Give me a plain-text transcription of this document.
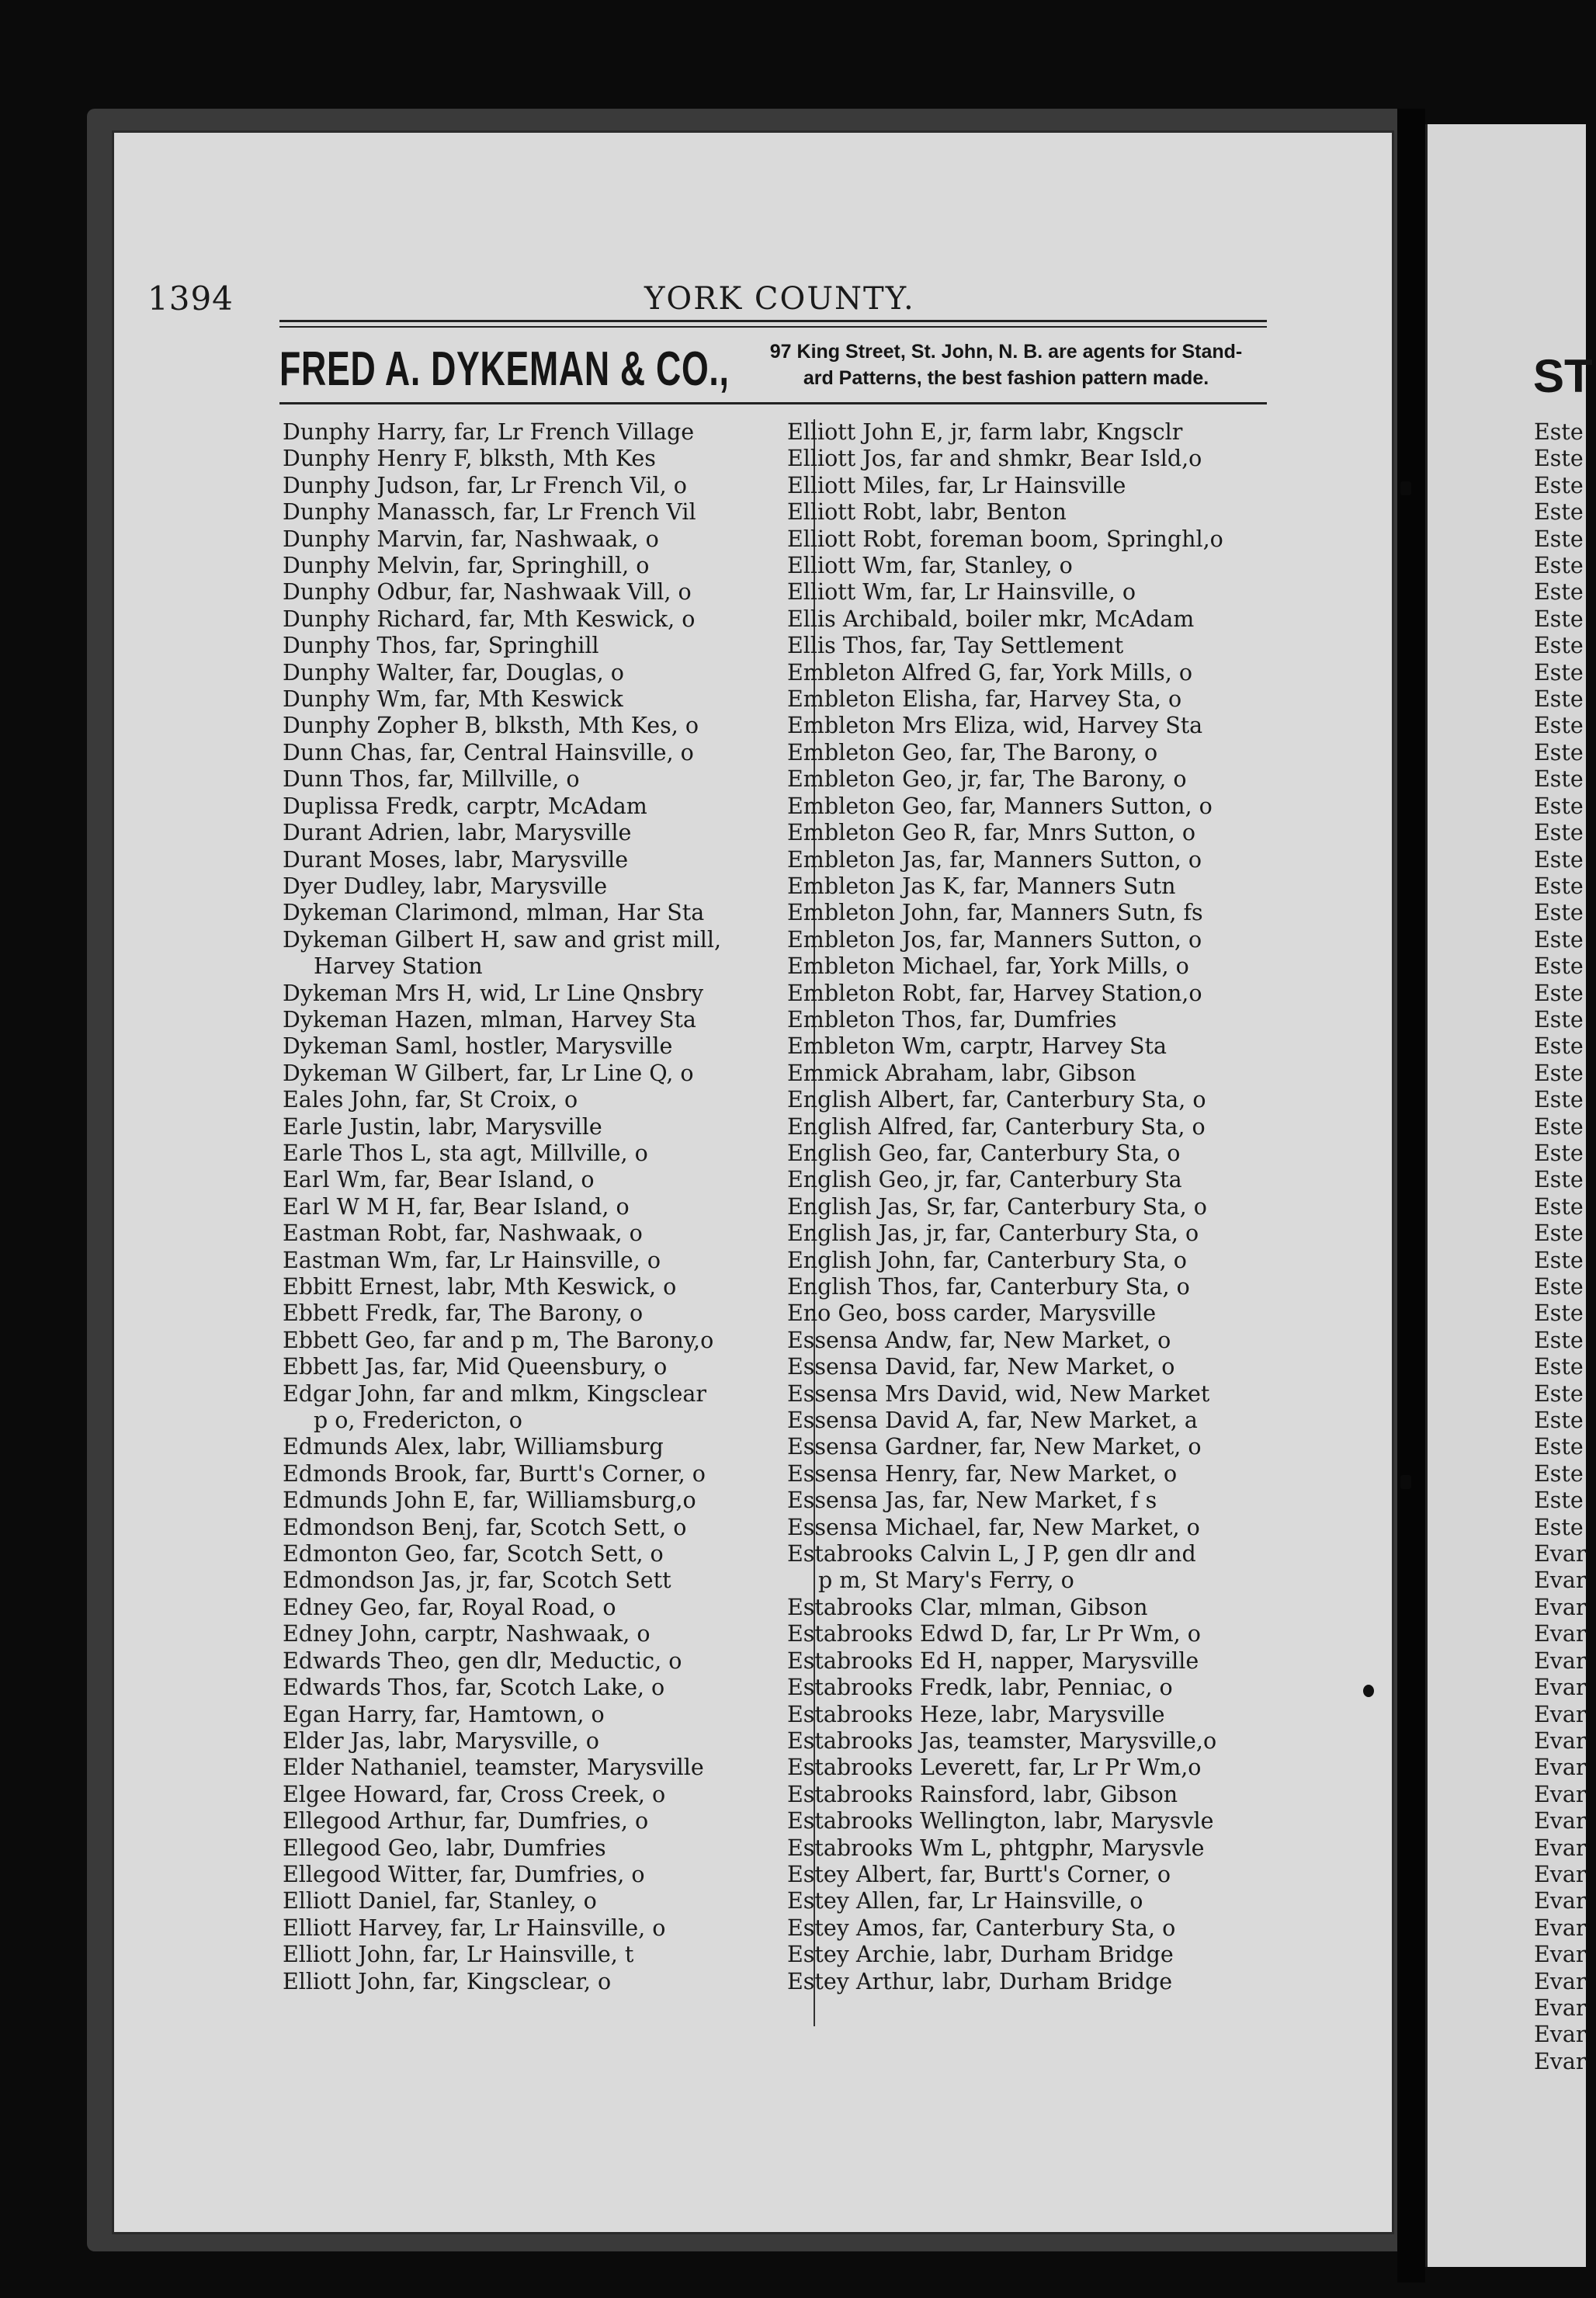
1394	YORK COUNTY.
FRED A. DYKEMAN & CO.,	97 King Street, St. John, N. B. are agents for Stand-
ard Patterns, the best fashion pattern made.
Dunphy Harry, far, Lr French Village
Dunphy Henry F, blksth, Mth Kes
Dunphy Judson, far, Lr French Vil, o
Dunphy Manassch, far, Lr French Vil
Dunphy Marvin, far, Nashwaak, o
Dunphy Melvin, far, Springhill, o
Dunphy Odbur, far, Nashwaak Vill, o
Dunphy Richard, far, Mth Keswick, o
Dunphy Thos, far, Springhill
Dunphy Walter, far, Douglas, o
Dunphy Wm, far, Mth Keswick
Dunphy Zopher B, blksth, Mth Kes, o
Dunn Chas, far, Central Hainsville, o
Dunn Thos, far, Millville, o
Duplissa Fredk, carptr, McAdam
Durant Adrien, labr, Marysville
Durant Moses, labr, Marysville
Dyer Dudley, labr, Marysville
Dykeman Clarimond, mlman, Har Sta
Dykeman Gilbert H, saw and grist mill,
Harvey Station
Dykeman Mrs H, wid, Lr Line Qnsbry
Dykeman Hazen, mlman, Harvey Sta
Dykeman Saml, hostler, Marysville
Dykeman W Gilbert, far, Lr Line Q, o
Eales John, far, St Croix, o
Earle Justin, labr, Marysville
Earle Thos L, sta agt, Millville, o
Earl Wm, far, Bear Island, o
Earl W M H, far, Bear Island, o
Eastman Robt, far, Nashwaak, o
Eastman Wm, far, Lr Hainsville, o
Ebbitt Ernest, labr, Mth Keswick, o
Ebbett Fredk, far, The Barony, o
Ebbett Geo, far and p m, The Barony,o
Ebbett Jas, far, Mid Queensbury, o
Edgar John, far and mlkm, Kingsclear
p o, Fredericton, o
Edmunds Alex, labr, Williamsburg
Edmonds Brook, far, Burtt's Corner, o
Edmunds John E, far, Williamsburg,o
Edmondson Benj, far, Scotch Sett, o
Edmonton Geo, far, Scotch Sett, o
Edmondson Jas, jr, far, Scotch Sett
Edney Geo, far, Royal Road, o
Edney John, carptr, Nashwaak, o
Edwards Theo, gen dlr, Meductic, o
Edwards Thos, far, Scotch Lake, o
Egan Harry, far, Hamtown, o
Elder Jas, labr, Marysville, o
Elder Nathaniel, teamster, Marysville
Elgee Howard, far, Cross Creek, o
Ellegood Arthur, far, Dumfries, o
Ellegood Geo, labr, Dumfries
Ellegood Witter, far, Dumfries, o
Elliott Daniel, far, Stanley, o
Elliott Harvey, far, Lr Hainsville, o
Elliott John, far, Lr Hainsville, t
Elliott John, far, Kingsclear, o
Elliott John E, jr, farm labr, Kngsclr
Elliott Jos, far and shmkr, Bear Isld,o
Elliott Miles, far, Lr Hainsville
Elliott Robt, labr, Benton
Elliott Robt, foreman boom, Springhl,o
Elliott Wm, far, Stanley, o
Elliott Wm, far, Lr Hainsville, o
Ellis Archibald, boiler mkr, McAdam
Ellis Thos, far, Tay Settlement
Embleton Alfred G, far, York Mills, o
Embleton Elisha, far, Harvey Sta, o
Embleton Mrs Eliza, wid, Harvey Sta
Embleton Geo, far, The Barony, o
Embleton Geo, jr, far, The Barony, o
Embleton Geo, far, Manners Sutton, o
Embleton Geo R, far, Mnrs Sutton, o
Embleton Jas, far, Manners Sutton, o
Embleton Jas K, far, Manners Sutn
Embleton John, far, Manners Sutn, fs
Embleton Jos, far, Manners Sutton, o
Embleton Michael, far, York Mills, o
Embleton Robt, far, Harvey Station,o
Embleton Thos, far, Dumfries
Embleton Wm, carptr, Harvey Sta
Emmick Abraham, labr, Gibson
English Albert, far, Canterbury Sta, o
English Alfred, far, Canterbury Sta, o
English Geo, far, Canterbury Sta, o
English Geo, jr, far, Canterbury Sta
English Jas, Sr, far, Canterbury Sta, o
English Jas, jr, far, Canterbury Sta, o
English John, far, Canterbury Sta, o
English Thos, far, Canterbury Sta, o
Eno Geo, boss carder, Marysville
Essensa Andw, far, New Market, o
Essensa David, far, New Market, o
Essensa Mrs David, wid, New Market
Essensa David A, far, New Market, a
Essensa Gardner, far, New Market, o
Essensa Henry, far, New Market, o
Essensa Jas, far, New Market, f s
Essensa Michael, far, New Market, o
Estabrooks Calvin L, J P, gen dlr and
p m, St Mary's Ferry, o
Estabrooks Clar, mlman, Gibson
Estabrooks Edwd D, far, Lr Pr Wm, o
Estabrooks Ed H, napper, Marysville
Estabrooks Fredk, labr, Penniac, o
Estabrooks Heze, labr, Marysville
Estabrooks Jas, teamster, Marysville,o
Estabrooks Leverett, far, Lr Pr Wm,o
Estabrooks Rainsford, labr, Gibson
Estabrooks Wellington, labr, Marysvle
Estabrooks Wm L, phtgphr, Marysvle
Estey Albert, far, Burtt's Corner, o
Estey Allen, far, Lr Hainsville, o
Estey Amos, far, Canterbury Sta, o
Estey Archie, labr, Durham Bridge
Estey Arthur, labr, Durham Bridge
ST
Este
Este
Este
Este
Este
Este
Este
Este
Este
Este
Este
Este
Este
Este
Este
Este
Este
Este
Este
Este
Este
Este
Este
Este
Este
Este
Este
Este
Este
Este
Este
Este
Este
Este
Este
Este
Este
Este
Este
Este
Este
Este
Evar
Evar
Evar
Evar
Evar
Evar
Evar
Evar
Evar
Evar
Evar
Evar
Evar
Evar
Evar
Evar
Evar
Evar
Evar
Evar
